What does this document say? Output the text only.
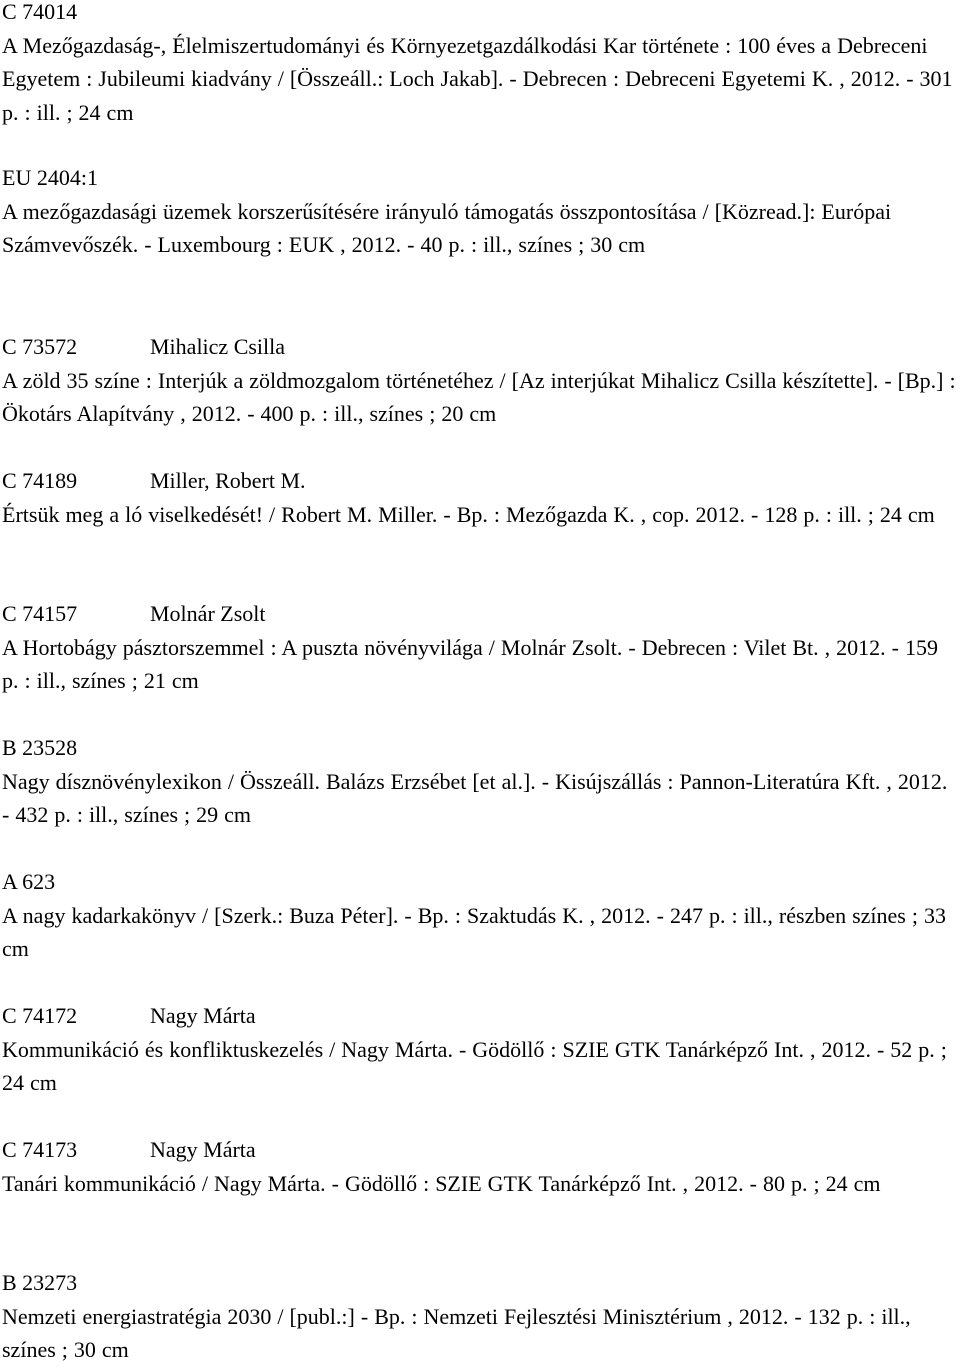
C 74014
A Mezőgazdaság-, Élelmiszertudományi és Környezetgazdálkodási Kar története : 100 éves a Debreceni Egyetem : Jubileumi kiadvány / [Összeáll.: Loch Jakab]. - Debrecen : Debreceni Egyetemi K. , 2012. - 301 p. : ill. ; 24 cm
EU 2404:1
A mezőgazdasági üzemek korszerűsítésére irányuló támogatás összpontosítása / [Közread.]: Európai Számvevőszék. - Luxembourg : EUK , 2012. - 40 p. : ill., színes ; 30 cm
C 73572	Mihalicz Csilla
A zöld 35 színe : Interjúk a zöldmozgalom történetéhez / [Az interjúkat Mihalicz Csilla készítette]. - [Bp.] : Ökotárs Alapítvány , 2012. - 400 p. : ill., színes ; 20 cm
C 74189	Miller, Robert M.
Értsük meg a ló viselkedését! / Robert M. Miller. - Bp. : Mezőgazda K. , cop. 2012. - 128 p. : ill. ; 24 cm
C 74157	Molnár Zsolt
A Hortobágy pásztorszemmel : A puszta növényvilága / Molnár Zsolt. - Debrecen : Vilet Bt. , 2012. - 159 p. : ill., színes ; 21 cm
B 23528
Nagy dísznövénylexikon / Összeáll. Balázs Erzsébet [et al.]. - Kisújszállás : Pannon-Literatúra Kft. , 2012. - 432 p. : ill., színes ; 29 cm
A 623
A nagy kadarkakönyv / [Szerk.: Buza Péter]. - Bp. : Szaktudás K. , 2012. - 247 p. : ill., részben színes ; 33 cm
C 74172	Nagy Márta
Kommunikáció és konfliktuskezelés / Nagy Márta. - Gödöllő : SZIE GTK Tanárképző Int. , 2012. - 52 p. ; 24 cm
C 74173	Nagy Márta
Tanári kommunikáció / Nagy Márta. - Gödöllő : SZIE GTK Tanárképző Int. , 2012. - 80 p. ; 24 cm
B 23273
Nemzeti energiastratégia 2030 / [publ.:] - Bp. : Nemzeti Fejlesztési Minisztérium , 2012. - 132 p. : ill., színes ; 30 cm
